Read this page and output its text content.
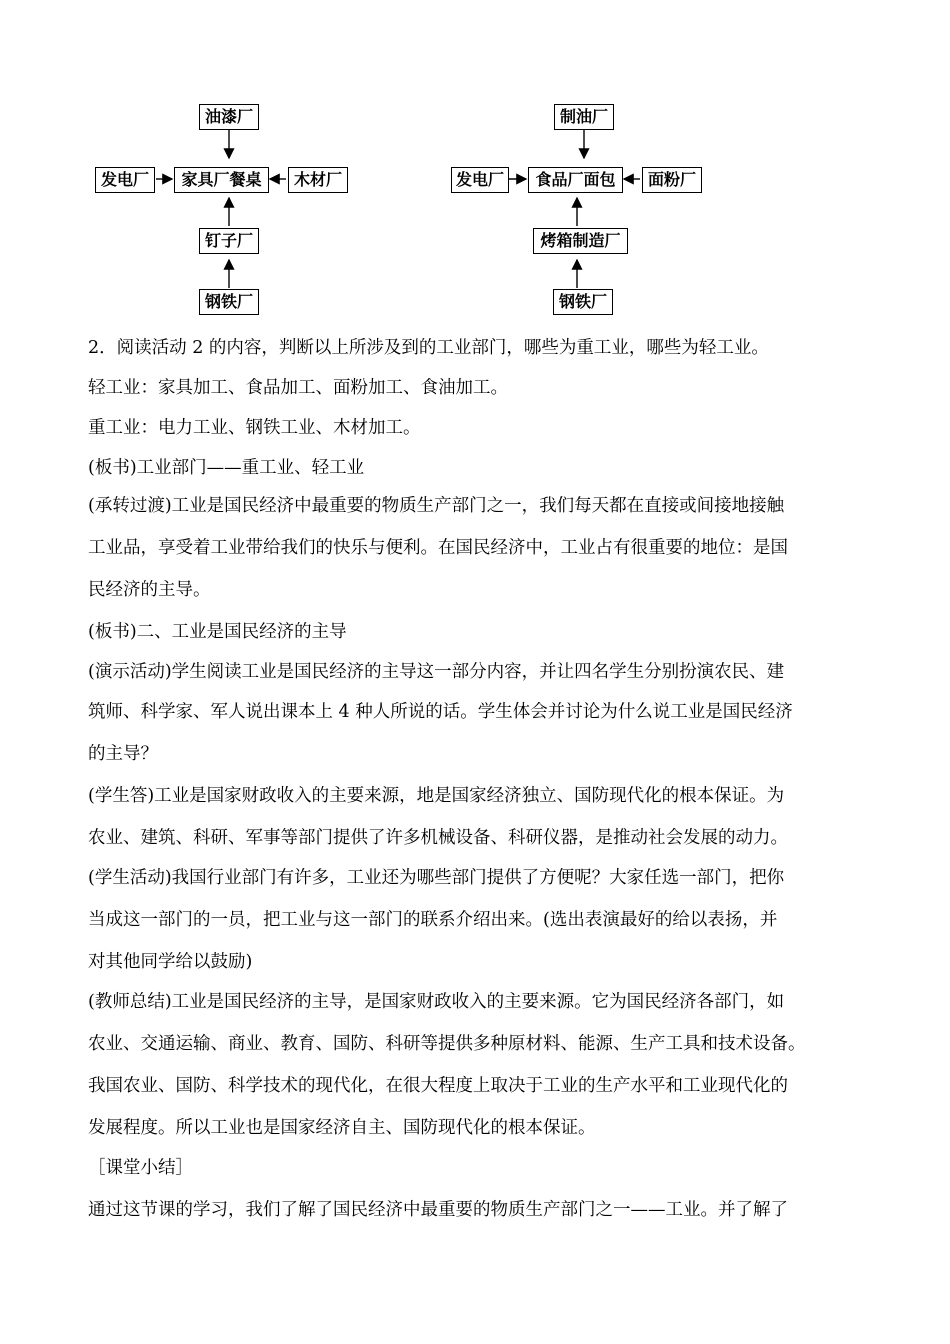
油漆厂
发电厂	家具厂餐桌	木材厂
钉子厂
钢铁厂
制油厂
发电厂	食品厂面包	面粉厂
烤箱制造厂
钢铁厂
2．阅读活动 2 的内容，判断以上所涉及到的工业部门，哪些为重工业，哪些为轻工业。
轻工业：家具加工、食品加工、面粉加工、食油加工。
重工业：电力工业、钢铁工业、木材加工。
(板书)工业部门——重工业、轻工业
(承转过渡)工业是国民经济中最重要的物质生产部门之一，我们每天都在直接或间接地接触
工业品，享受着工业带给我们的快乐与便利。在国民经济中，工业占有很重要的地位：是国
民经济的主导。
(板书)二、工业是国民经济的主导
(演示活动)学生阅读工业是国民经济的主导这一部分内容，并让四名学生分别扮演农民、建
筑师、科学家、军人说出课本上 4 种人所说的话。学生体会并讨论为什么说工业是国民经济
的主导？
(学生答)工业是国家财政收入的主要来源，地是国家经济独立、国防现代化的根本保证。为
农业、建筑、科研、军事等部门提供了许多机械设备、科研仪器，是推动社会发展的动力。
(学生活动)我国行业部门有许多，工业还为哪些部门提供了方便呢？大家任选一部门，把你
当成这一部门的一员，把工业与这一部门的联系介绍出来。(选出表演最好的给以表扬，并
对其他同学给以鼓励)
(教师总结)工业是国民经济的主导，是国家财政收入的主要来源。它为国民经济各部门，如
农业、交通运输、商业、教育、国防、科研等提供多种原材料、能源、生产工具和技术设备。
我国农业、国防、科学技术的现代化，在很大程度上取决于工业的生产水平和工业现代化的
发展程度。所以工业也是国家经济自主、国防现代化的根本保证。
［课堂小结］
通过这节课的学习，我们了解了国民经济中最重要的物质生产部门之一——工业。并了解了
